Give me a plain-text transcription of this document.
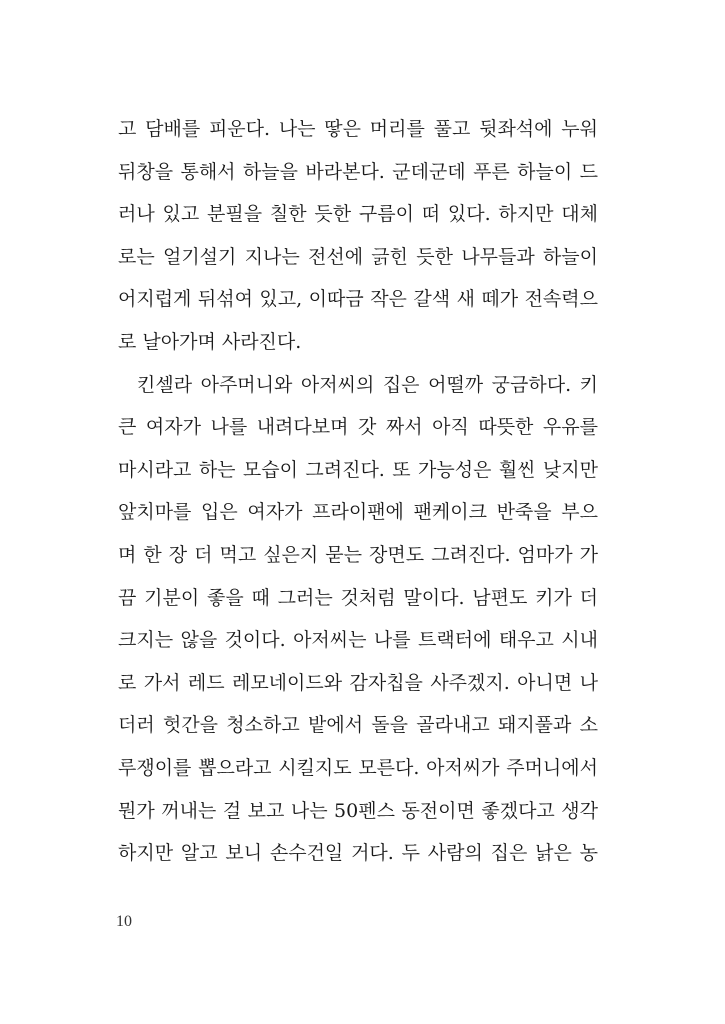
고 담배를 피운다. 나는 땋은 머리를 풀고 뒷좌석에 누워
뒤창을 통해서 하늘을 바라본다. 군데군데 푸른 하늘이 드
러나 있고 분필을 칠한 듯한 구름이 떠 있다. 하지만 대체
로는 얼기설기 지나는 전선에 긁힌 듯한 나무들과 하늘이
어지럽게 뒤섞여 있고, 이따금 작은 갈색 새 떼가 전속력으
로 날아가며 사라진다.
킨셀라 아주머니와 아저씨의 집은 어떨까 궁금하다. 키
큰 여자가 나를 내려다보며 갓 짜서 아직 따뜻한 우유를
마시라고 하는 모습이 그려진다. 또 가능성은 훨씬 낮지만
앞치마를 입은 여자가 프라이팬에 팬케이크 반죽을 부으
며 한 장 더 먹고 싶은지 묻는 장면도 그려진다. 엄마가 가
끔 기분이 좋을 때 그러는 것처럼 말이다. 남편도 키가 더
크지는 않을 것이다. 아저씨는 나를 트랙터에 태우고 시내
로 가서 레드 레모네이드와 감자칩을 사주겠지. 아니면 나
더러 헛간을 청소하고 밭에서 돌을 골라내고 돼지풀과 소
루쟁이를 뽑으라고 시킬지도 모른다. 아저씨가 주머니에서
뭔가 꺼내는 걸 보고 나는 50펜스 동전이면 좋겠다고 생각
하지만 알고 보니 손수건일 거다. 두 사람의 집은 낡은 농
10
